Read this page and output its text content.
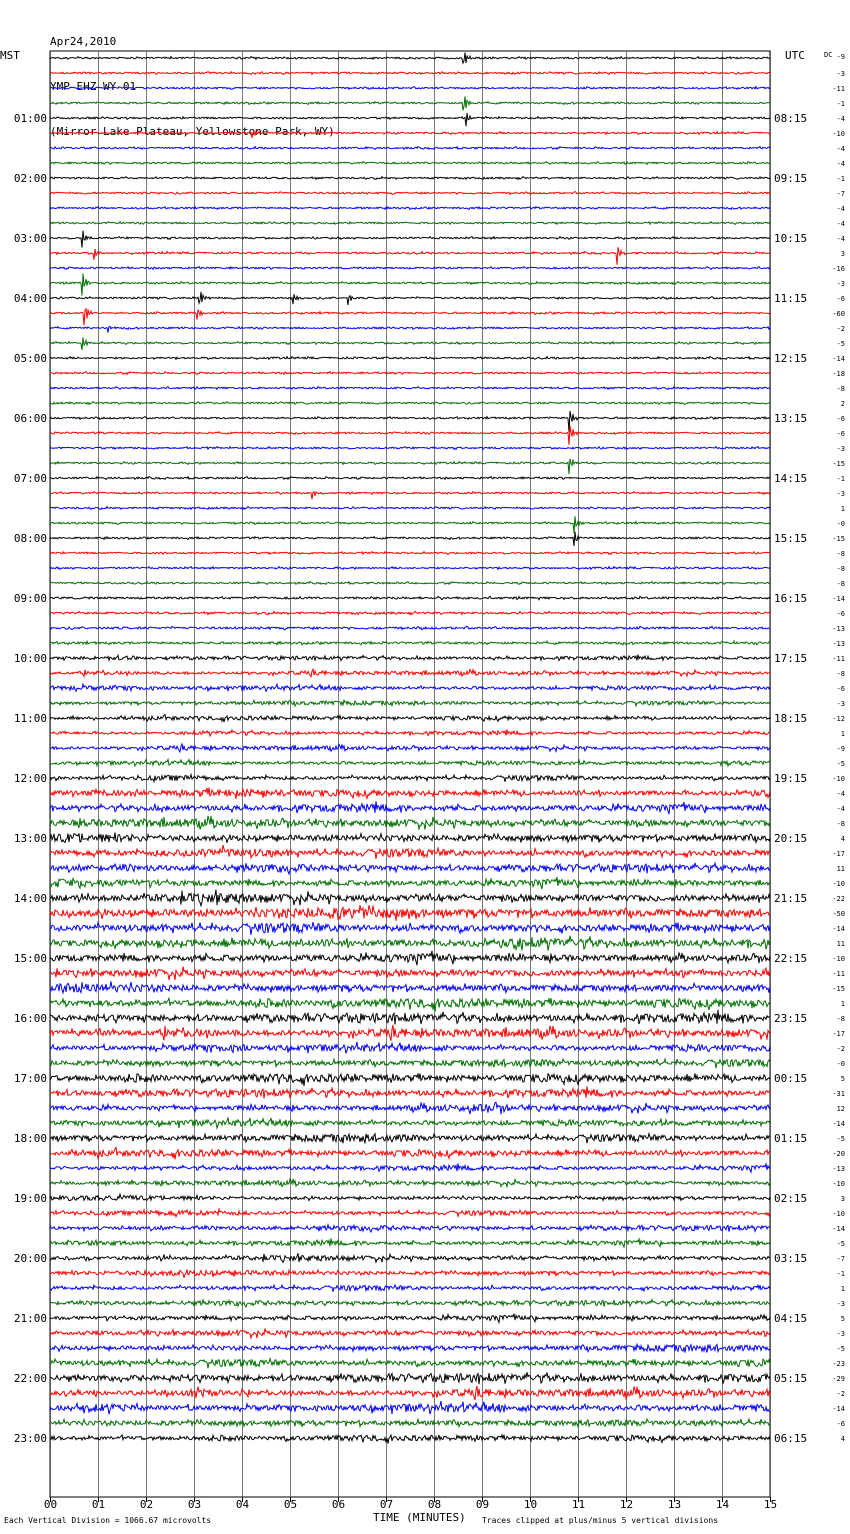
Apr24,2010

YMP EHZ WY 01

(Mirror Lake Plateau, Yellowstone Park, WY)

MST	UTC	DC
00	01	02	03	04	05	06	07	08	09	10	11	12	13	14	15
-9
-3
-11
-1
-4
01:00	08:15
-10
-4
-4
-1
02:00	09:15
-7
-4
-4
-4
03:00	10:15
3
-16
-3
-6
04:00	11:15
-60
-2
-5
-14
05:00	12:15
-18
-8
2
-6
06:00	13:15
-6
-3
-15
-1
07:00	14:15
-3
1
-0
-15
08:00	15:15
-8
-8
-8
-14
09:00	16:15
-6
-13
-13
-11
10:00	17:15
-8
-6
-3
-12
11:00	18:15
1
-9
-5
-10
12:00	19:15
-4
-4
-8
4
13:00	20:15
-17
11
-10
-22
14:00	21:15
-50
-14
11
-10
15:00	22:15
-11
-15
1
-8
16:00	23:15
-17
-2
-0
5
17:00	00:15
-31
12
-14
-5
18:00	01:15
-20
-13
-10
3
19:00	02:15
-10
-14
-5
-7
20:00	03:15
-1
1
-3
5
21:00	04:15
-3
-5
-23
-29
22:00	05:15
-2
-14
-6
4
23:00	06:15
TIME (MINUTES)
Each Vertical Division = 1066.67 microvolts	Traces clipped at plus/minus 5 vertical divisions
